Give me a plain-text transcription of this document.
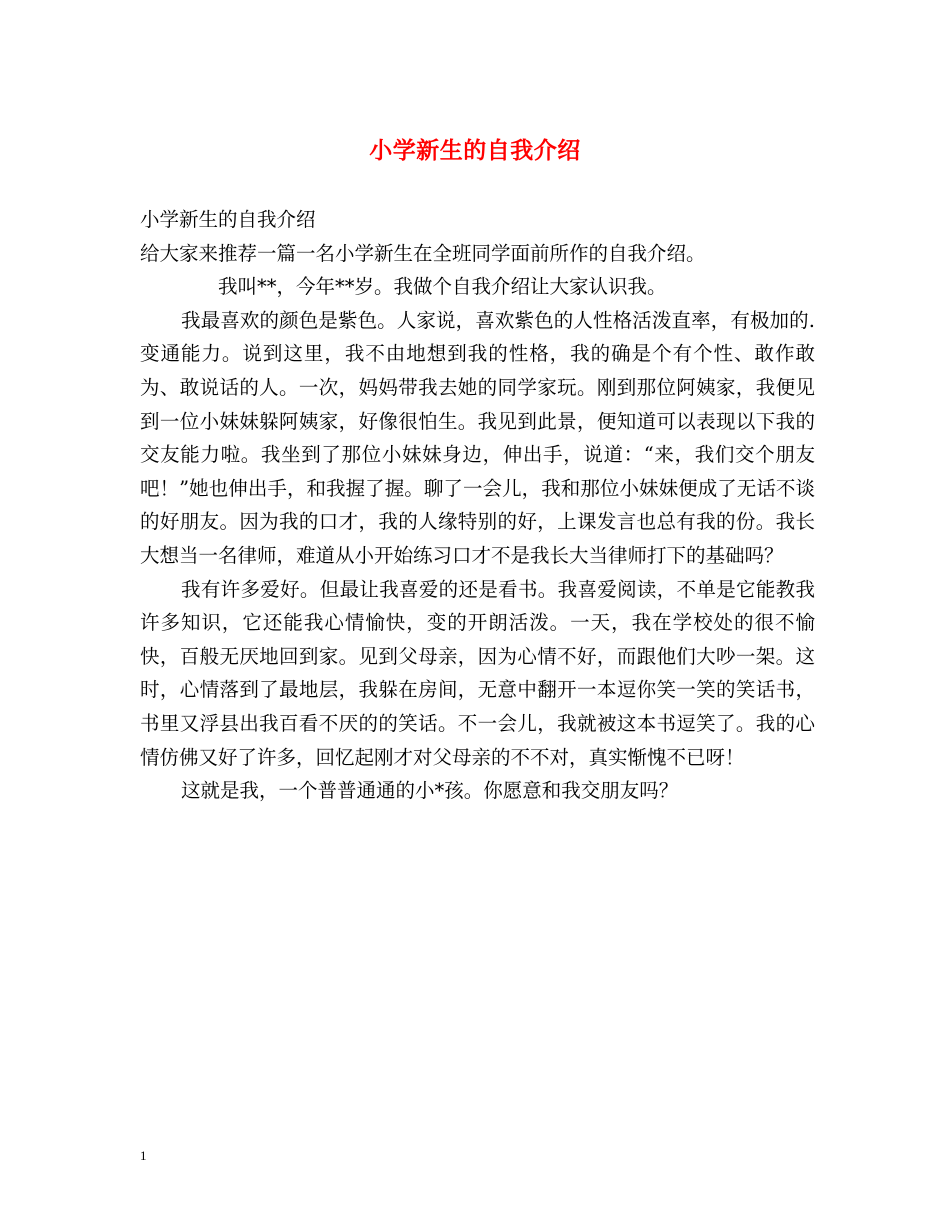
小学新生的自我介绍

小学新生的自我介绍

给大家来推荐一篇一名小学新生在全班同学面前所作的自我介绍。

我叫**，今年**岁。我做个自我介绍让大家认识我。

我最喜欢的颜色是紫色。人家说，喜欢紫色的人性格活泼直率，有极加的.变通能力。说到这里，我不由地想到我的性格，我的确是个有个性、敢作敢为、敢说话的人。一次，妈妈带我去她的同学家玩。刚到那位阿姨家，我便见到一位小妹妹躲阿姨家，好像很怕生。我见到此景，便知道可以表现以下我的交友能力啦。我坐到了那位小妹妹身边，伸出手，说道：“来，我们交个朋友吧！”她也伸出手，和我握了握。聊了一会儿，我和那位小妹妹便成了无话不谈的好朋友。因为我的口才，我的人缘特别的好，上课发言也总有我的份。我长大想当一名律师，难道从小开始练习口才不是我长大当律师打下的基础吗？

我有许多爱好。但最让我喜爱的还是看书。我喜爱阅读，不单是它能教我许多知识，它还能我心情愉快，变的开朗活泼。一天，我在学校处的很不愉快，百般无厌地回到家。见到父母亲，因为心情不好，而跟他们大吵一架。这时，心情落到了最地层，我躲在房间，无意中翻开一本逗你笑一笑的笑话书，书里又浮县出我百看不厌的的笑话。不一会儿，我就被这本书逗笑了。我的心情仿佛又好了许多，回忆起刚才对父母亲的不不对，真实惭愧不已呀！

这就是我，一个普普通通的小*孩。你愿意和我交朋友吗？

1
